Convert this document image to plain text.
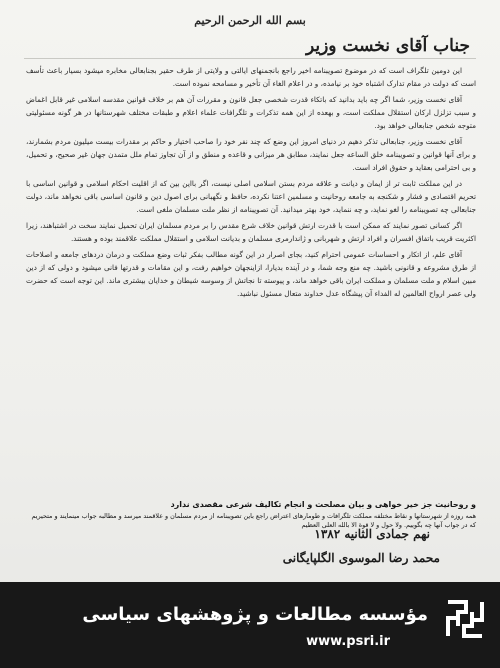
بسم الله الرحمن الرحیم
جناب آقای نخست وزیر

این دومین تلگراف است که در موضوع تصویبنامه اخیر راجع بانجمنهای ایالتی و ولایتی از طرف حقیر بجنابعالی مخابره میشود بسیار باعث تأسف است که دولت در مقام تدارک اشتباه خود بر نیامده، و در اعلام الغاء آن تأخیر و مسامحه نموده است.

آقای نخست وزیر، شما اگر چه باید بدانید که باتکاء قدرت شخصی جعل قانون و مقررات آن هم بر خلاف قوانین مقدسه اسلامی غیر قابل اغماض و سبب تزلزل ارکان استقلال مملکت است، و بهعده از این همه تذکرات و تلگرافات علماء اعلام و طبقات مختلف شهرستانها در هر گونه مسئولیتی متوجه شخص جنابعالی خواهد بود.

آقای نخست وزیر، جنابعالی تذکر دهیم در دنیای امروز این وضع که چند نفر خود را صاحب اختیار و حاکم بر مقدرات بیست میلیون مردم بشمارند، و برای آنها قوانین و تصویبنامه خلق الساعه جعل نمایند، مطابق هر میزانی و قاعده و منطق و از آن تجاوز تمام ملل متمدن جهان غیر صحیح، و تحمیل، و بی احترامی بعقاید و حقوق افراد است.

در این مملکت ثابت تر از ایمان و دیانت و علاقه مردم بستن اسلامی اصلی نیست، اگر بااین بین که از اقلیت احکام اسلامی و قوانین اساسی با تحریم اقتصادی و فشار و شکنجه به جامعه روحانیت و مسلمین اعتنا نکرده، حافظ و نگهبانی برای اصول دین و قانون اساسی باقی نخواهد ماند، دولت جنابعالی چه تصویبنامه را لغو نماید، و چه ننماید، خود بهتر میدانید. آن تصویبنامه از نظر ملت مسلمان ملغی است.

اگر کسانی تصور نمایند که ممکن است با قدرت ارتش قوانین خلاف شرع مقدس را بر مردم مسلمان ایران تحمیل نمایند سخت در اشتباهند، زیرا اکثریت قریب باتفاق افسران و افراد ارتش و شهربانی و ژاندارمری مسلمان و بدیانت اسلامی و استقلال مملکت علاقمند بوده و هستند.

آقای علم، از اتکار و احساسات عمومی احترام کنید، بجای اصرار در این گونه مطالب بفکر ثبات وضع مملکت و درمان دردهای جامعه و اصلاحات از طرق مشروعه و قانونی باشید. چه منع وجه شما، و در آینده بدیارا، ازاینجهان خواهیم رفت، و این مقامات و قدرتها فانی میشود و دولی که از دین مبین اسلام و ملت مسلمان و مملکت ایران باقی خواهد ماند، و پیوسته تا نجاتش از وسوسه شیطان و خدایان بیشتری ماند. این توجه است که حضرت ولی عصر ارواح العالمین له الفداء آن پیشگاه عدل خداوند متعال مسئول نباشید.

و روحانیت جز خیر خواهی و بیان مصلحت و انجام تکالیف شرعی مقصدی ندارد
همه روزه از شهرستانها و نقاط مختلفه مملکت تلگرافات و طومارهای اعتراض راجع باین تصویبنامه از مردم مسلمان و علاقمند میرسد و مطالبه جواب مینمایند و متحیریم که در جواب آنها چه بگوییم. ولا حول و لا قوة الا بالله العلی العظیم
نهم جمادی الثانیه ۱۳۸۲
محمد رضا الموسوی الگلپایگانی
مؤسسه مطالعات و پژوهشهای سیاسی
www.psri.ir
